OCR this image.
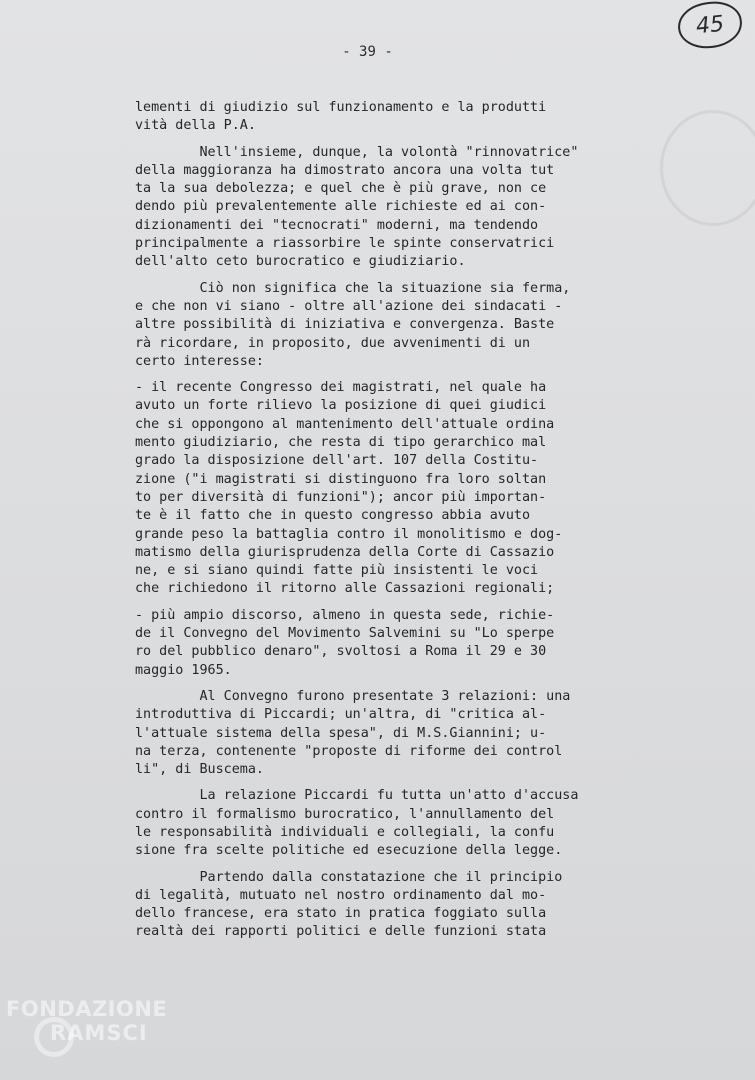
45
- 39 -
lementi di giudizio sul funzionamento e la produtti
vità della P.A.
Nell'insieme, dunque, la volontà "rinnovatrice"
della maggioranza ha dimostrato ancora una volta tut
ta la sua debolezza; e quel che è più grave, non ce
dendo più prevalentemente alle richieste ed ai con-
dizionamenti dei "tecnocrati" moderni, ma tendendo
principalmente a riassorbire le spinte conservatrici
dell'alto ceto burocratico e giudiziario.
Ciò non significa che la situazione sia ferma,
e che non vi siano - oltre all'azione dei sindacati -
altre possibilità di iniziativa e convergenza. Baste
rà ricordare, in proposito, due avvenimenti di un
certo interesse:
- il recente Congresso dei magistrati, nel quale ha
avuto un forte rilievo la posizione di quei giudici
che si oppongono al mantenimento dell'attuale ordina
mento giudiziario, che resta di tipo gerarchico mal
grado la disposizione dell'art. 107 della Costitu-
zione ("i magistrati si distinguono fra loro soltan
to per diversità di funzioni"); ancor più importan-
te è il fatto che in questo congresso abbia avuto
grande peso la battaglia contro il monolitismo e dog-
matismo della giurisprudenza della Corte di Cassazio
ne, e si siano quindi fatte più insistenti le voci
che richiedono il ritorno alle Cassazioni regionali;
- più ampio discorso, almeno in questa sede, richie-
de il Convegno del Movimento Salvemini su "Lo sperpe
ro del pubblico denaro", svoltosi a Roma il 29 e 30
maggio 1965.
Al Convegno furono presentate 3 relazioni: una
introduttiva di Piccardi; un'altra, di "critica al-
l'attuale sistema della spesa", di M.S.Giannini; u-
na terza, contenente "proposte di riforme dei control
li", di Buscema.
La relazione Piccardi fu tutta un'atto d'accusa
contro il formalismo burocratico, l'annullamento del
le responsabilità individuali e collegiali, la confu
sione fra scelte politiche ed esecuzione della legge.
Partendo dalla constatazione che il principio
di legalità, mutuato nel nostro ordinamento dal mo-
dello francese, era stato in pratica foggiato sulla
realtà dei rapporti politici e delle funzioni stata
FONDAZIONE
RAMSCI
